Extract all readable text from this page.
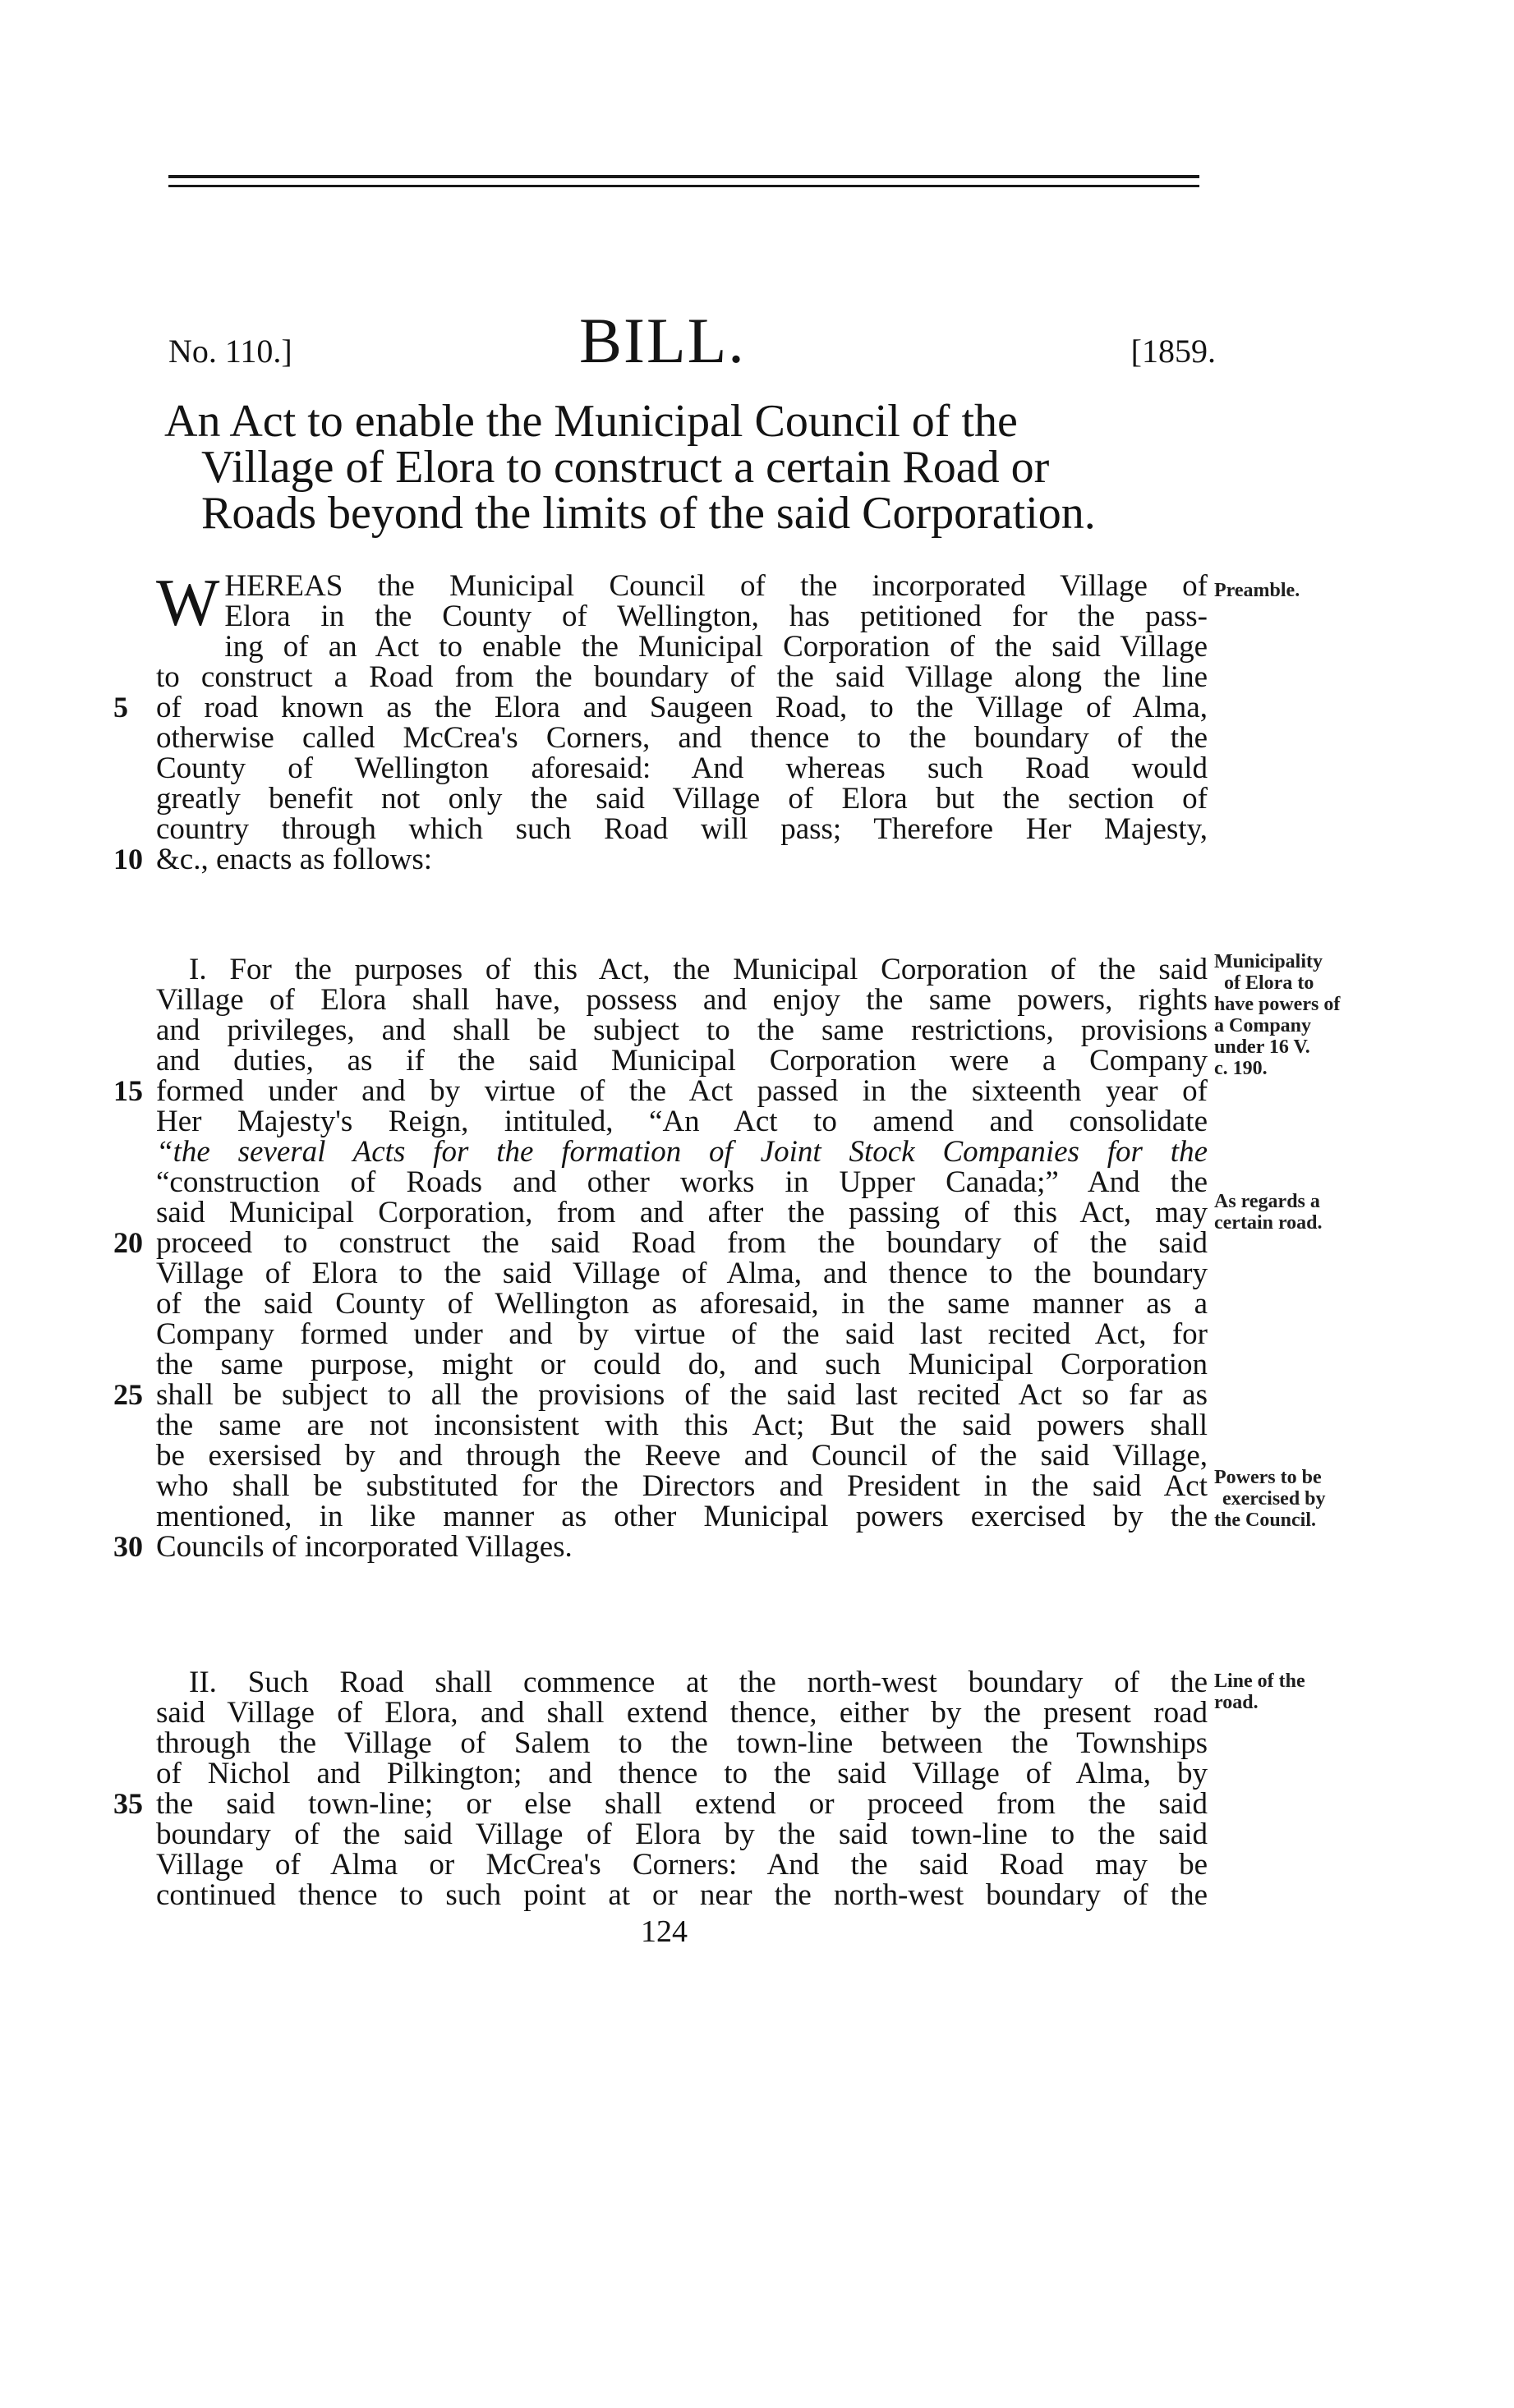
No. 110.]	BILL.	[1859.
An Act to enable the Municipal Council of the
Village of Elora to construct a certain Road or
Roads beyond the limits of the said Corporation.
W HEREAS the Municipal Council of the incorporated Village of
Elora in the County of Wellington, has petitioned for the pass-
ing of an Act to enable the Municipal Corporation of the said Village
to construct a Road from the boundary of the said Village along the line
5 of road known as the Elora and Saugeen Road, to the Village of Alma,
otherwise called McCrea's Corners, and thence to the boundary of the
County of Wellington aforesaid: And whereas such Road would
greatly benefit not only the said Village of Elora but the section of
country through which such Road will pass; Therefore Her Majesty,
10 &c., enacts as follows:
I. For the purposes of this Act, the Municipal Corporation of the said
Village of Elora shall have, possess and enjoy the same powers, rights
and privileges, and shall be subject to the same restrictions, provisions
and duties, as if the said Municipal Corporation were a Company
15 formed under and by virtue of the Act passed in the sixteenth year of
Her Majesty's Reign, intituled, “An Act to amend and consolidate
“the several Acts for the formation of Joint Stock Companies for the
“construction of Roads and other works in Upper Canada;” And the
said Municipal Corporation, from and after the passing of this Act, may
20 proceed to construct the said Road from the boundary of the said
Village of Elora to the said Village of Alma, and thence to the boundary
of the said County of Wellington as aforesaid, in the same manner as a
Company formed under and by virtue of the said last recited Act, for
the same purpose, might or could do, and such Municipal Corporation
25 shall be subject to all the provisions of the said last recited Act so far as
the same are not inconsistent with this Act; But the said powers shall
be exersised by and through the Reeve and Council of the said Village,
who shall be substituted for the Directors and President in the said Act
mentioned, in like manner as other Municipal powers exercised by the
30 Councils of incorporated Villages.
II. Such Road shall commence at the north-west boundary of the
said Village of Elora, and shall extend thence, either by the present road
through the Village of Salem to the town-line between the Townships
of Nichol and Pilkington; and thence to the said Village of Alma, by
35 the said town-line; or else shall extend or proceed from the said
boundary of the said Village of Elora by the said town-line to the said
Village of Alma or McCrea's Corners: And the said Road may be
continued thence to such point at or near the north-west boundary of the
Preamble.
Municipality
of Elora to
have powers of
a Company
under 16 V.
c. 190.
As regards a
certain road.
Powers to be
exercised by
the Council.
Line of the
road.
124
